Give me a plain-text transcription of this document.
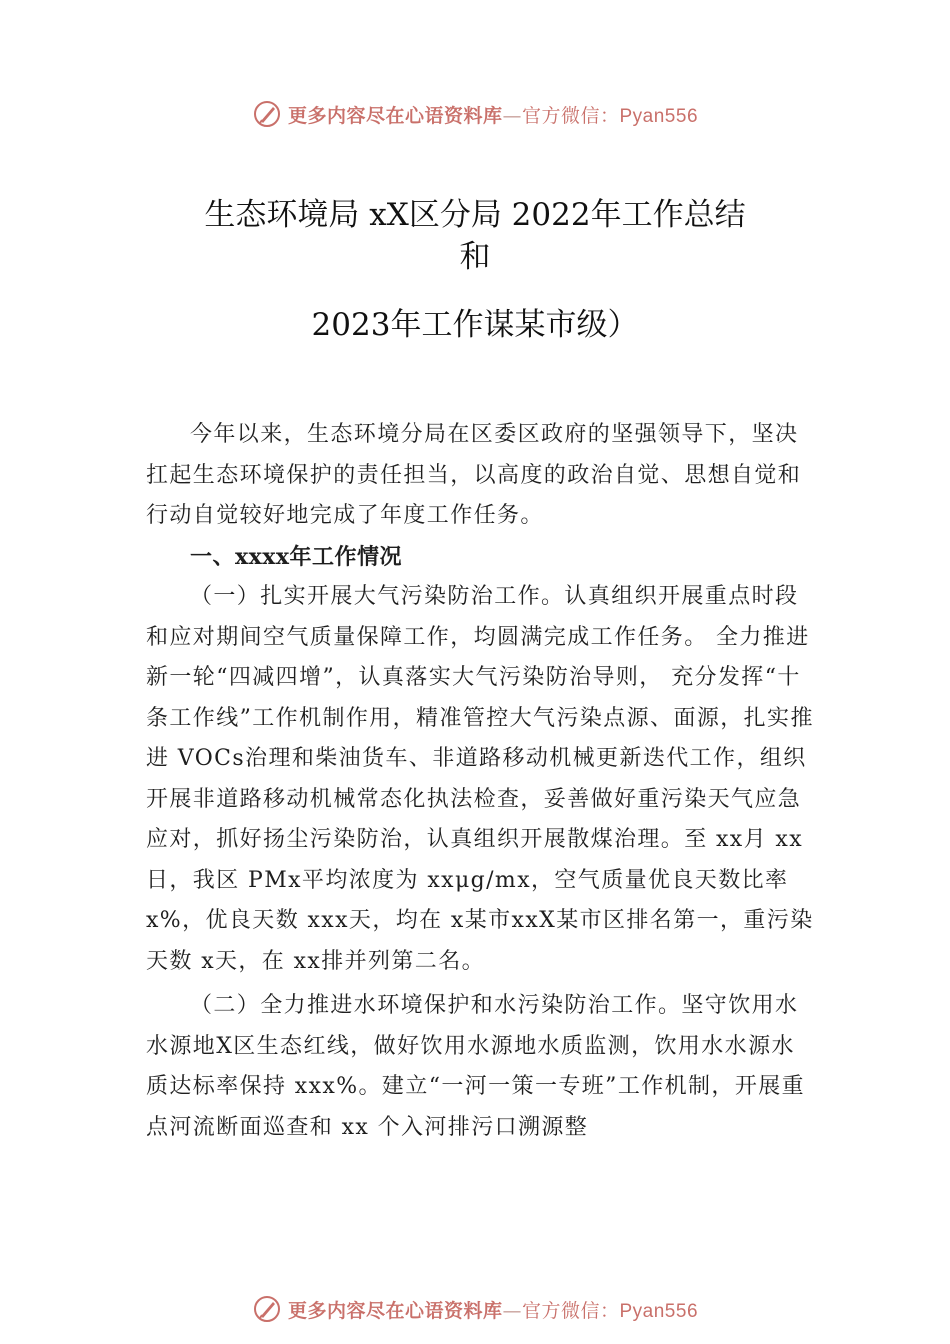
更多内容尽在心语资料库—官方微信：Pyan556
生态环境局 xX区分局 2022年工作总结
和
2023年工作谋某市级）

今年以来，生态环境分局在区委区政府的坚强领导下，坚决扛起生态环境保护的责任担当，以高度的政治自觉、思想自觉和行动自觉较好地完成了年度工作任务。

一、xxxx年工作情况

（一）扎实开展大气污染防治工作。认真组织开展重点时段和应对期间空气质量保障工作，均圆满完成工作任务。 全力推进新一轮“四减四增”，认真落实大气污染防治导则， 充分发挥“十条工作线”工作机制作用，精准管控大气污染点源、面源，扎实推进 VOCs治理和柴油货车、非道路移动机械更新迭代工作，组织开展非道路移动机械常态化执法检查，妥善做好重污染天气应急应对，抓好扬尘污染防治，认真组织开展散煤治理。至 xx月 xx日，我区 PMx平均浓度为 xxμg/mx，空气质量优良天数比率 x%，优良天数 xxx天，均在 x某市xxX某市区排名第一，重污染天数 x天，在 xx排并列第二名。

（二）全力推进水环境保护和水污染防治工作。坚守饮用水水源地X区生态红线，做好饮用水源地水质监测，饮用水水源水质达标率保持 xxx%。建立“一河一策一专班”工作机制，开展重点河流断面巡查和 xx 个入河排污口溯源整

更多内容尽在心语资料库—官方微信：Pyan556
